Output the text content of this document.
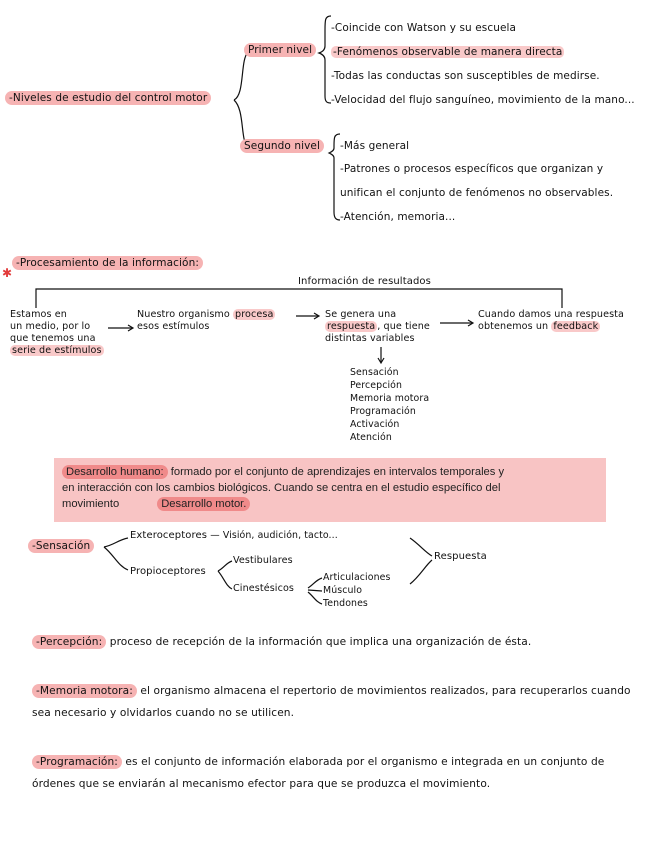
-Niveles de estudio del control motor
Primer nivel
-Coincide con Watson y su escuela
-Fenómenos observable de manera directa
-Todas las conductas son susceptibles de medirse.
-Velocidad del flujo sanguíneo, movimiento de la mano...
Segundo nivel	-Más general
-Patrones o procesos específicos que organizan y
unifican el conjunto de fenómenos no observables.
-Atención, memoria...
✱
-Procesamiento de la información:
Información de resultados
Estamos en
un medio, por lo
que tenemos una
serie de estímulos
Nuestro organismo procesa
esos estímulos
Se genera una
respuesta , que tiene
distintas variables
Cuando damos una respuesta
obtenemos un feedback
Sensación
Percepción
Memoria motora
Programación
Activación
Atención
Desarrollo humano: formado por el conjunto de aprendizajes en intervalos temporales y
en interacción con los cambios biológicos. Cuando se centra en el estudio específico del
movimiento	Desarrollo motor.
-Sensación
Exteroceptores — Visión, audición, tacto...
Propioceptores
Vestibulares
Cinestésicos
Articulaciones
Músculo
Tendones
Respuesta
-Percepción: proceso de recepción de la información que implica una organización de ésta.
-Memoria motora: el organismo almacena el repertorio de movimientos realizados, para recuperarlos cuando sea necesario y olvidarlos cuando no se utilicen.
-Programación: es el conjunto de información elaborada por el organismo e integrada en un conjunto de órdenes que se enviarán al mecanismo efector para que se produzca el movimiento.
